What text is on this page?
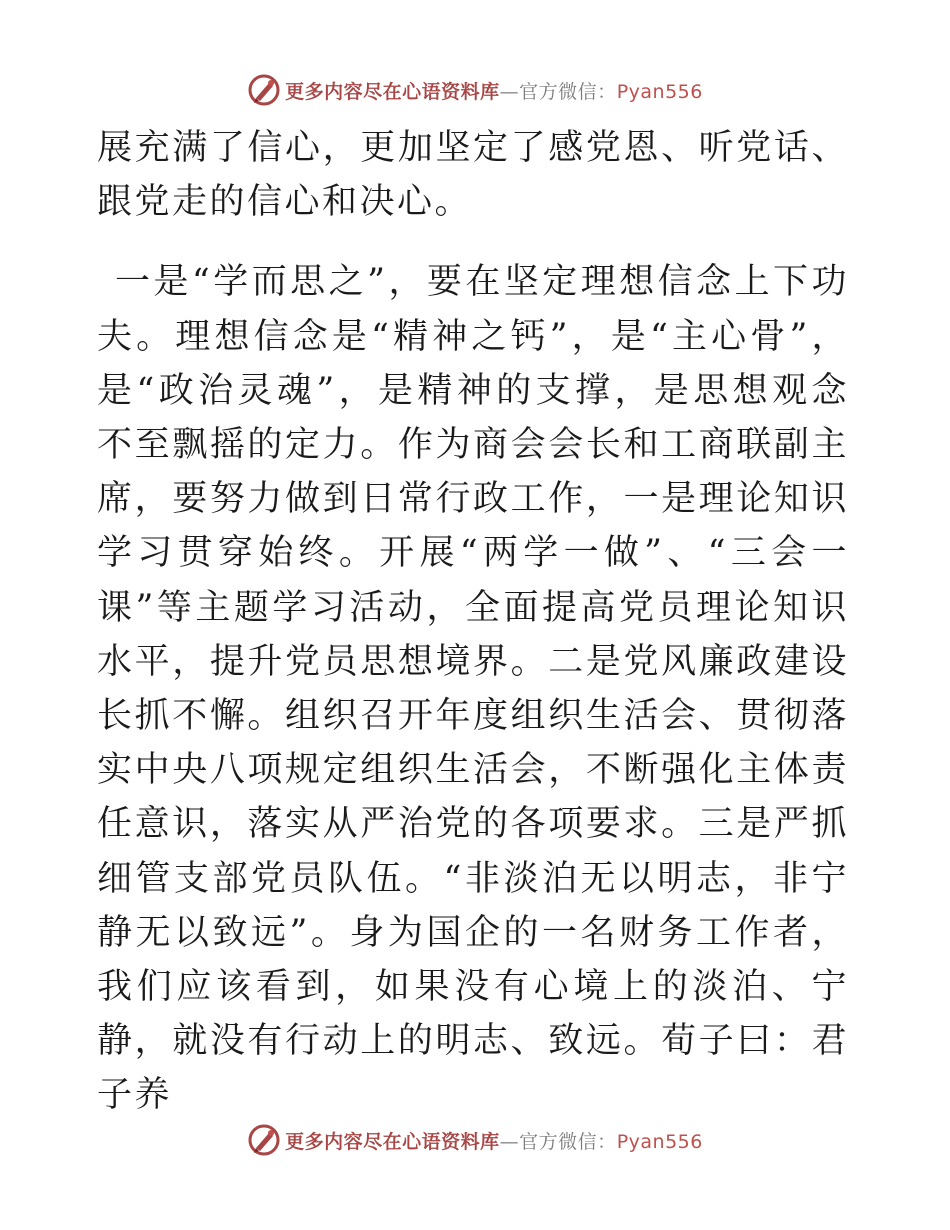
更多内容尽在心语资料库—官方微信：Pyan556

展充满了信心，更加坚定了感党恩、听党话、跟党走的信心和决心。

一是“学而思之”，要在坚定理想信念上下功夫。理想信念是“精神之钙”，是“主心骨”，是“政治灵魂”，是精神的支撑，是思想观念不至飘摇的定力。作为商会会长和工商联副主席，要努力做到日常行政工作，一是理论知识学习贯穿始终。开展“两学一做”、“三会一课”等主题学习活动，全面提高党员理论知识水平，提升党员思想境界。二是党风廉政建设长抓不懈。组织召开年度组织生活会、贯彻落实中央八项规定组织生活会，不断强化主体责任意识，落实从严治党的各项要求。三是严抓细管支部党员队伍。“非淡泊无以明志，非宁静无以致远”。身为国企的一名财务工作者，我们应该看到，如果没有心境上的淡泊、宁静，就没有行动上的明志、致远。荀子曰：君子养

更多内容尽在心语资料库—官方微信：Pyan556
